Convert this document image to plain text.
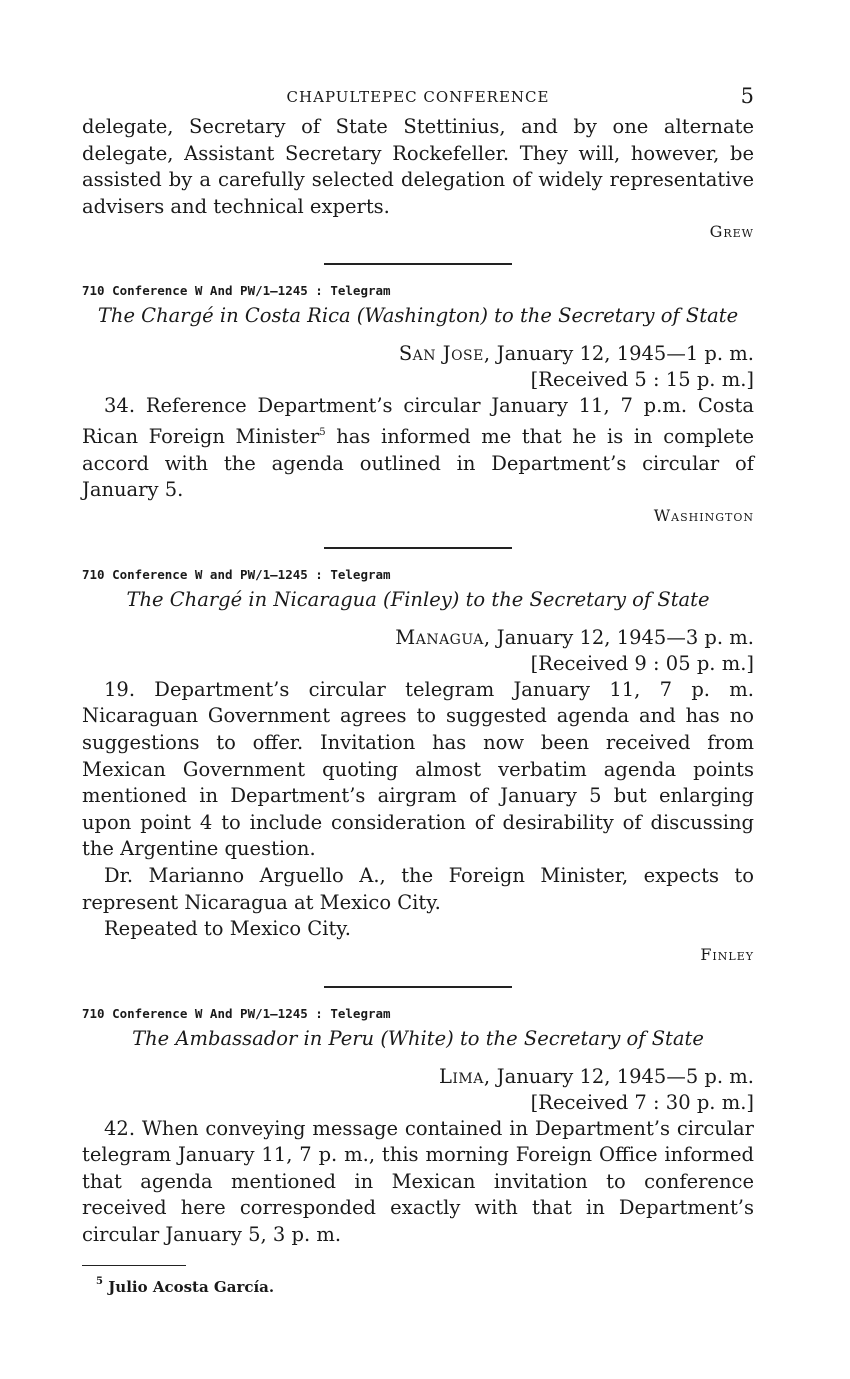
CHAPULTEPEC CONFERENCE	5

delegate, Secretary of State Stettinius, and by one alternate delegate, Assistant Secretary Rockefeller. They will, however, be assisted by a carefully selected delegation of widely representative advisers and technical experts.

Grew
710 Conference W And PW/1–1245 : Telegram
The Chargé in Costa Rica (Washington) to the Secretary of State
San Jose, January 12, 1945—1 p. m.
[Received 5 : 15 p. m.]

34. Reference Department’s circular January 11, 7 p.m. Costa Rican Foreign Minister$^5$ has informed me that he is in complete accord with the agenda outlined in Department’s circular of January 5.

Washington
710 Conference W and PW/1–1245 : Telegram
The Chargé in Nicaragua (Finley) to the Secretary of State
Managua, January 12, 1945—3 p. m.
[Received 9 : 05 p. m.]

19. Department’s circular telegram January 11, 7 p. m. Nicaraguan Government agrees to suggested agenda and has no suggestions to offer. Invitation has now been received from Mexican Government quoting almost verbatim agenda points mentioned in Department’s airgram of January 5 but enlarging upon point 4 to include consideration of desirability of discussing the Argentine question.

Dr. Marianno Arguello A., the Foreign Minister, expects to represent Nicaragua at Mexico City.

Repeated to Mexico City.

Finley
710 Conference W And PW/1–1245 : Telegram
The Ambassador in Peru (White) to the Secretary of State
Lima, January 12, 1945—5 p. m.
[Received 7 : 30 p. m.]

42. When conveying message contained in Department’s circular telegram January 11, 7 p. m., this morning Foreign Office informed that agenda mentioned in Mexican invitation to conference received here corresponded exactly with that in Department’s circular January 5, 3 p. m.

$^5$ Julio Acosta García.
